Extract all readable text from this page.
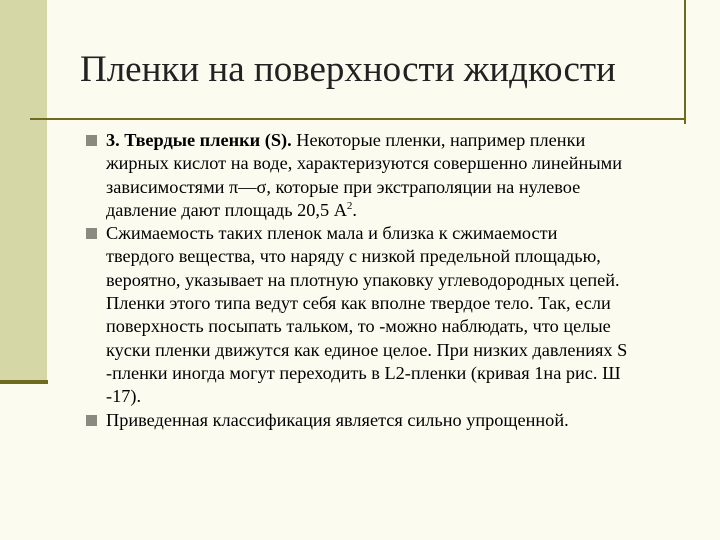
Пленки на поверхности жидкости
3. Твердые пленки (S). Некоторые пленки, например пленки
жирных кислот на воде, характеризуются совершенно линейными
зависимостями π—σ, которые при экстраполяции на нулевое
давление дают площадь 20,5 $А^2$.
Сжимаемость таких пленок мала и близка к сжимаемости
твердого вещества, что наряду с низкой предельной площадью,
вероятно, указывает на плотную упаковку углеводородных цепей.
Пленки этого типа ведут себя как вполне твердое тело. Так, если
поверхность посыпать тальком, то -можно наблюдать, что целые
куски пленки движутся как единое целое. При низких давлениях S
-пленки иногда могут переходить в L2-пленки (кривая 1на рис. Ш
-17).
Приведенная классификация является сильно упрощенной.
